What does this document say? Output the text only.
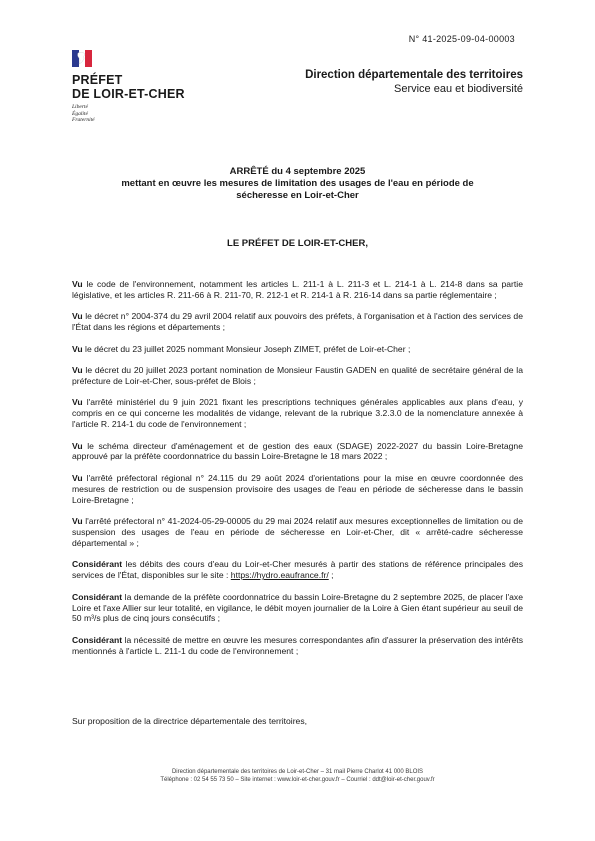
N° 41-2025-09-04-00003
PRÉFET
DE LOIR-ET-CHER
Liberté
Égalité
Fraternité
Direction départementale des territoires
Service eau et biodiversité
ARRÊTÉ du 4 septembre 2025
mettant en œuvre les mesures de limitation des usages de l'eau en période de
sécheresse en Loir-et-Cher
LE PRÉFET DE LOIR-ET-CHER,

Vu le code de l'environnement, notamment les articles L. 211-1 à L. 211-3 et L. 214-1 à L. 214-8 dans sa partie législative, et les articles R. 211-66 à R. 211-70, R. 212-1 et R. 214-1 à R. 216-14 dans sa partie réglementaire ;

Vu le décret n° 2004-374 du 29 avril 2004 relatif aux pouvoirs des préfets, à l'organisation et à l'action des services de l'État dans les régions et départements ;

Vu le décret du 23 juillet 2025 nommant Monsieur Joseph ZIMET, préfet de Loir-et-Cher ;

Vu le décret du 20 juillet 2023 portant nomination de Monsieur Faustin GADEN en qualité de secrétaire général de la préfecture de Loir-et-Cher, sous-préfet de Blois ;

Vu l'arrêté ministériel du 9 juin 2021 fixant les prescriptions techniques générales applicables aux plans d'eau, y compris en ce qui concerne les modalités de vidange, relevant de la rubrique 3.2.3.0 de la nomenclature annexée à l'article R. 214-1 du code de l'environnement ;

Vu le schéma directeur d'aménagement et de gestion des eaux (SDAGE) 2022-2027 du bassin Loire-Bretagne approuvé par la préfète coordonnatrice du bassin Loire-Bretagne le 18 mars 2022 ;

Vu l'arrêté préfectoral régional n° 24.115 du 29 août 2024 d'orientations pour la mise en œuvre coordonnée des mesures de restriction ou de suspension provisoire des usages de l'eau en période de sécheresse dans le bassin Loire-Bretagne ;

Vu l'arrêté préfectoral n° 41-2024-05-29-00005 du 29 mai 2024 relatif aux mesures exceptionnelles de limitation ou de suspension des usages de l'eau en période de sécheresse en Loir-et-Cher, dit « arrêté-cadre sécheresse départemental » ;

Considérant les débits des cours d'eau du Loir-et-Cher mesurés à partir des stations de référence principales des services de l'État, disponibles sur le site : https://hydro.eaufrance.fr/ ;

Considérant la demande de la préfète coordonnatrice du bassin Loire-Bretagne du 2 septembre 2025, de placer l'axe Loire et l'axe Allier sur leur totalité, en vigilance, le débit moyen journalier de la Loire à Gien étant supérieur au seuil de 50 m³/s plus de cinq jours consécutifs ;

Considérant la nécessité de mettre en œuvre les mesures correspondantes afin d'assurer la préservation des intérêts mentionnés à l'article L. 211-1 du code de l'environnement ;

Sur proposition de la directrice départementale des territoires,
Direction départementale des territoires de Loir-et-Cher – 31 mail Pierre Charlot 41 000 BLOIS
Téléphone : 02 54 55 73 50 – Site internet : www.loir-et-cher.gouv.fr – Courriel : ddt@loir-et-cher.gouv.fr
